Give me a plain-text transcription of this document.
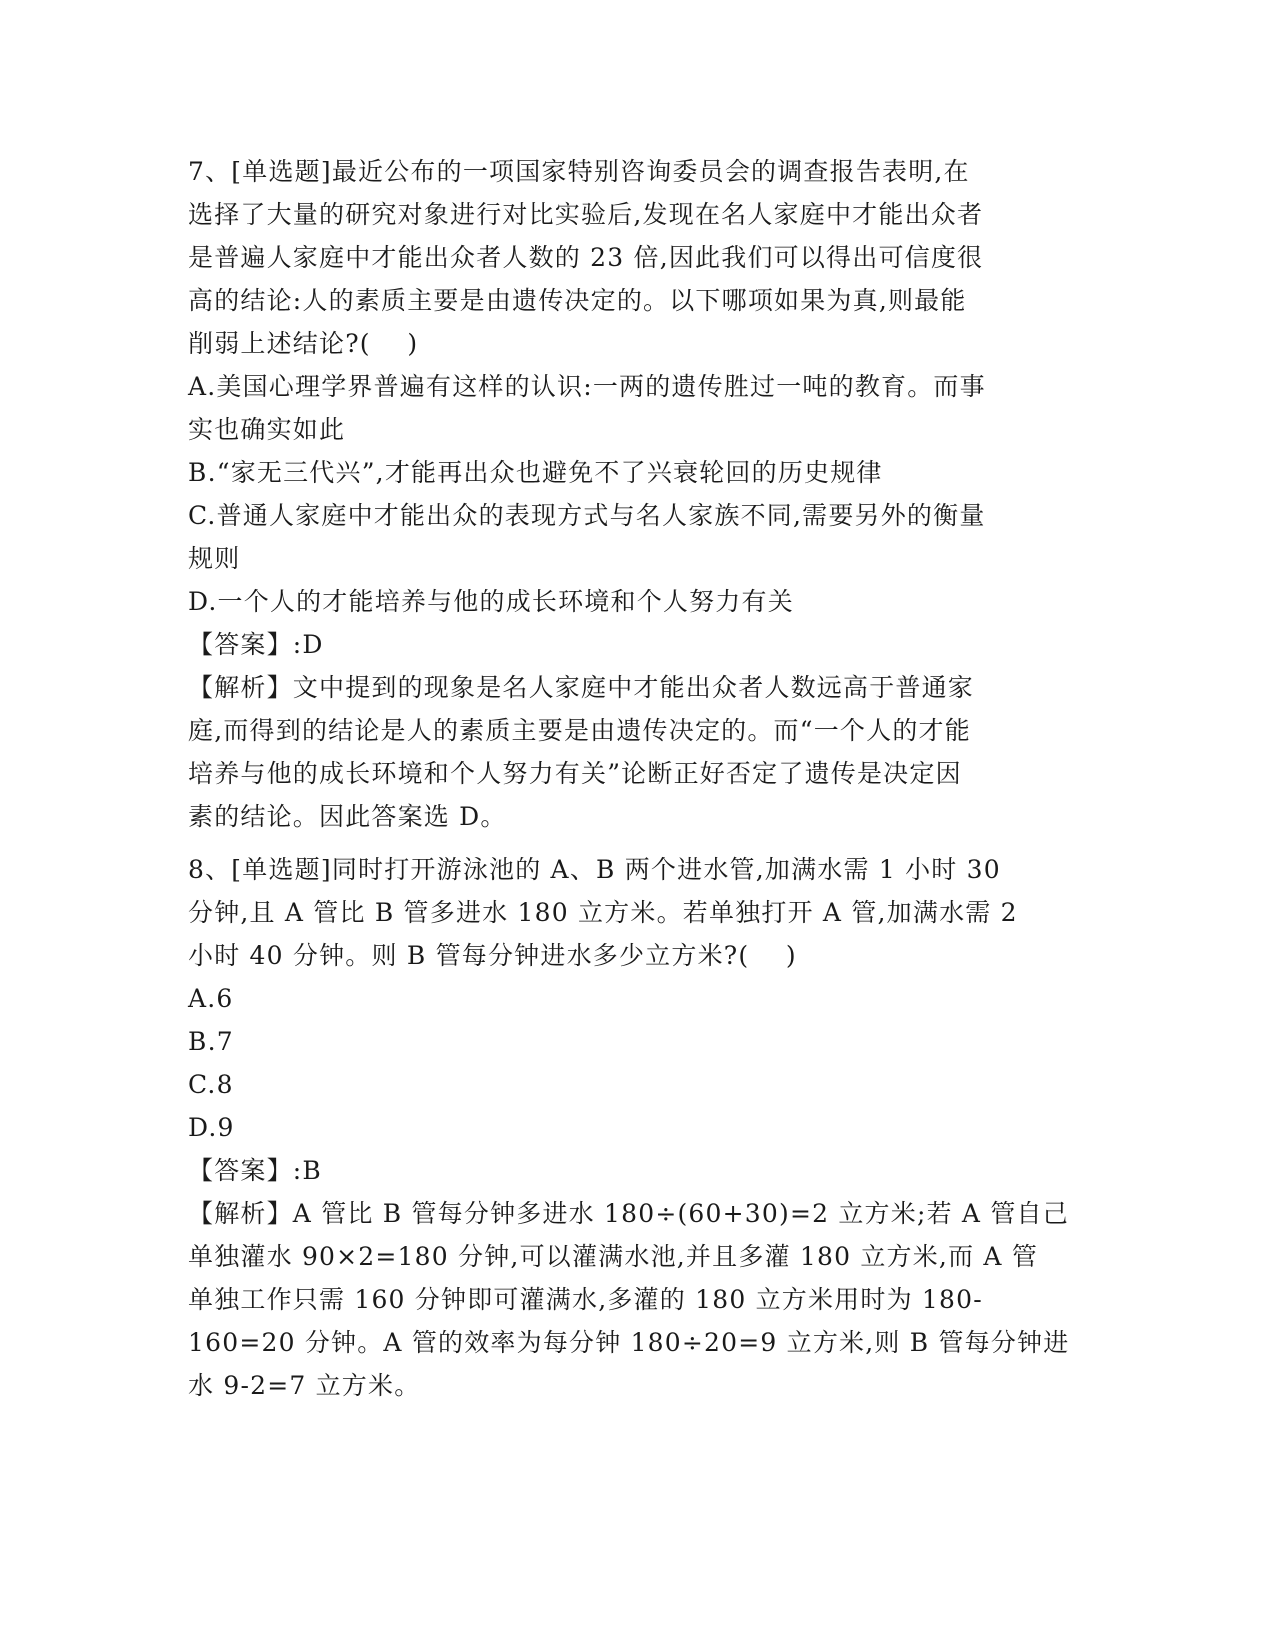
7、[单选题]最近公布的一项国家特别咨询委员会的调查报告表明,在
选择了大量的研究对象进行对比实验后,发现在名人家庭中才能出众者
是普遍人家庭中才能出众者人数的 23 倍,因此我们可以得出可信度很
高的结论:人的素质主要是由遗传决定的。以下哪项如果为真,则最能
削弱上述结论?(    )
A.美国心理学界普遍有这样的认识:一两的遗传胜过一吨的教育。而事
实也确实如此
B.“家无三代兴”,才能再出众也避免不了兴衰轮回的历史规律
C.普通人家庭中才能出众的表现方式与名人家族不同,需要另外的衡量
规则
D.一个人的才能培养与他的成长环境和个人努力有关
【答案】:D
【解析】文中提到的现象是名人家庭中才能出众者人数远高于普通家
庭,而得到的结论是人的素质主要是由遗传决定的。而“一个人的才能
培养与他的成长环境和个人努力有关”论断正好否定了遗传是决定因
素的结论。因此答案选 D。
8、[单选题]同时打开游泳池的 A、B 两个进水管,加满水需 1 小时 30
分钟,且 A 管比 B 管多进水 180 立方米。若单独打开 A 管,加满水需 2
小时 40 分钟。则 B 管每分钟进水多少立方米?(    )
A.6
B.7
C.8
D.9
【答案】:B
【解析】A 管比 B 管每分钟多进水 180÷(60+30)=2 立方米;若 A 管自己
单独灌水 90×2=180 分钟,可以灌满水池,并且多灌 180 立方米,而 A 管
单独工作只需 160 分钟即可灌满水,多灌的 180 立方米用时为 180-
160=20 分钟。A 管的效率为每分钟 180÷20=9 立方米,则 B 管每分钟进
水 9-2=7 立方米。
